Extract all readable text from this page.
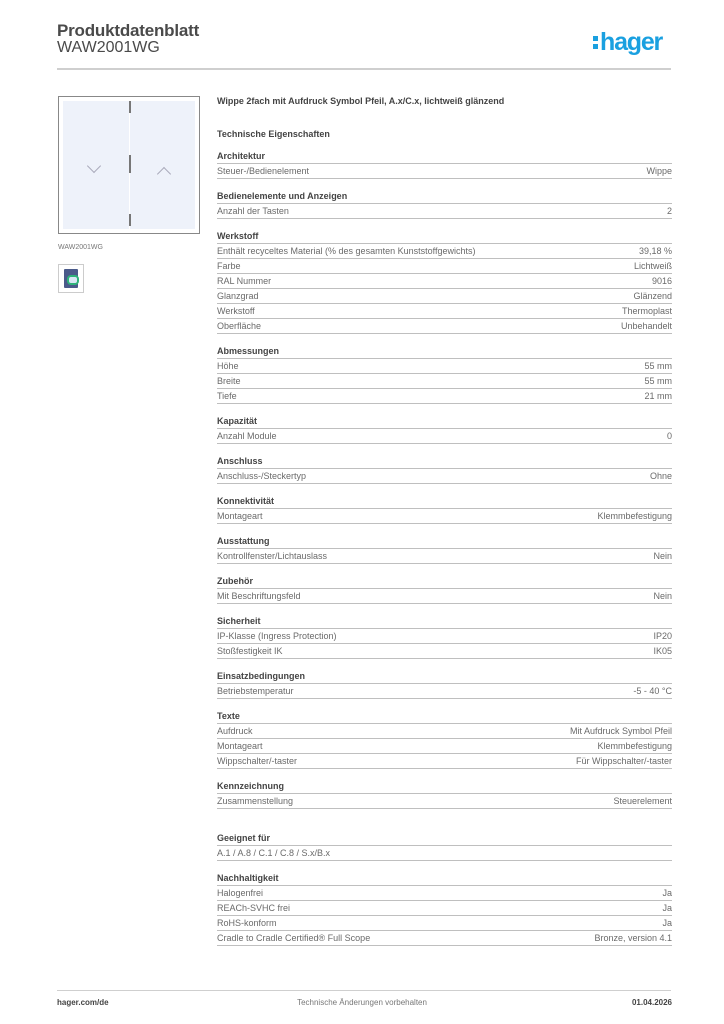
Produktdatenblatt
WAW2001WG	hager
WAW2001WG
Wippe 2fach mit Aufdruck Symbol Pfeil, A.x/C.x, lichtweiß glänzend
Technische Eigenschaften
Architektur
Steuer-/Bedienelement	Wippe
Bedienelemente und Anzeigen
Anzahl der Tasten	2
Werkstoff
Enthält recyceltes Material (% des gesamten Kunststoffgewichts)	39,18 %
Farbe	Lichtweiß
RAL Nummer	9016
Glanzgrad	Glänzend
Werkstoff	Thermoplast
Oberfläche	Unbehandelt
Abmessungen
Höhe	55 mm
Breite	55 mm
Tiefe	21 mm
Kapazität
Anzahl Module	0
Anschluss
Anschluss-/Steckertyp	Ohne
Konnektivität
Montageart	Klemmbefestigung
Ausstattung
Kontrollfenster/Lichtauslass	Nein
Zubehör
Mit Beschriftungsfeld	Nein
Sicherheit
IP-Klasse (Ingress Protection)	IP20
Stoßfestigkeit IK	IK05
Einsatzbedingungen
Betriebstemperatur	-5 - 40 °C
Texte
Aufdruck	Mit Aufdruck Symbol Pfeil
Montageart	Klemmbefestigung
Wippschalter/-taster	Für Wippschalter/-taster
Kennzeichnung
Zusammenstellung	Steuerelement
Geeignet für
A.1 / A.8 / C.1 / C.8 / S.x/B.x
Nachhaltigkeit
Halogenfrei	Ja
REACh-SVHC frei	Ja
RoHS-konform	Ja
Cradle to Cradle Certified® Full Scope	Bronze, version 4.1
hager.com/de	Technische Änderungen vorbehalten	01.04.2026
